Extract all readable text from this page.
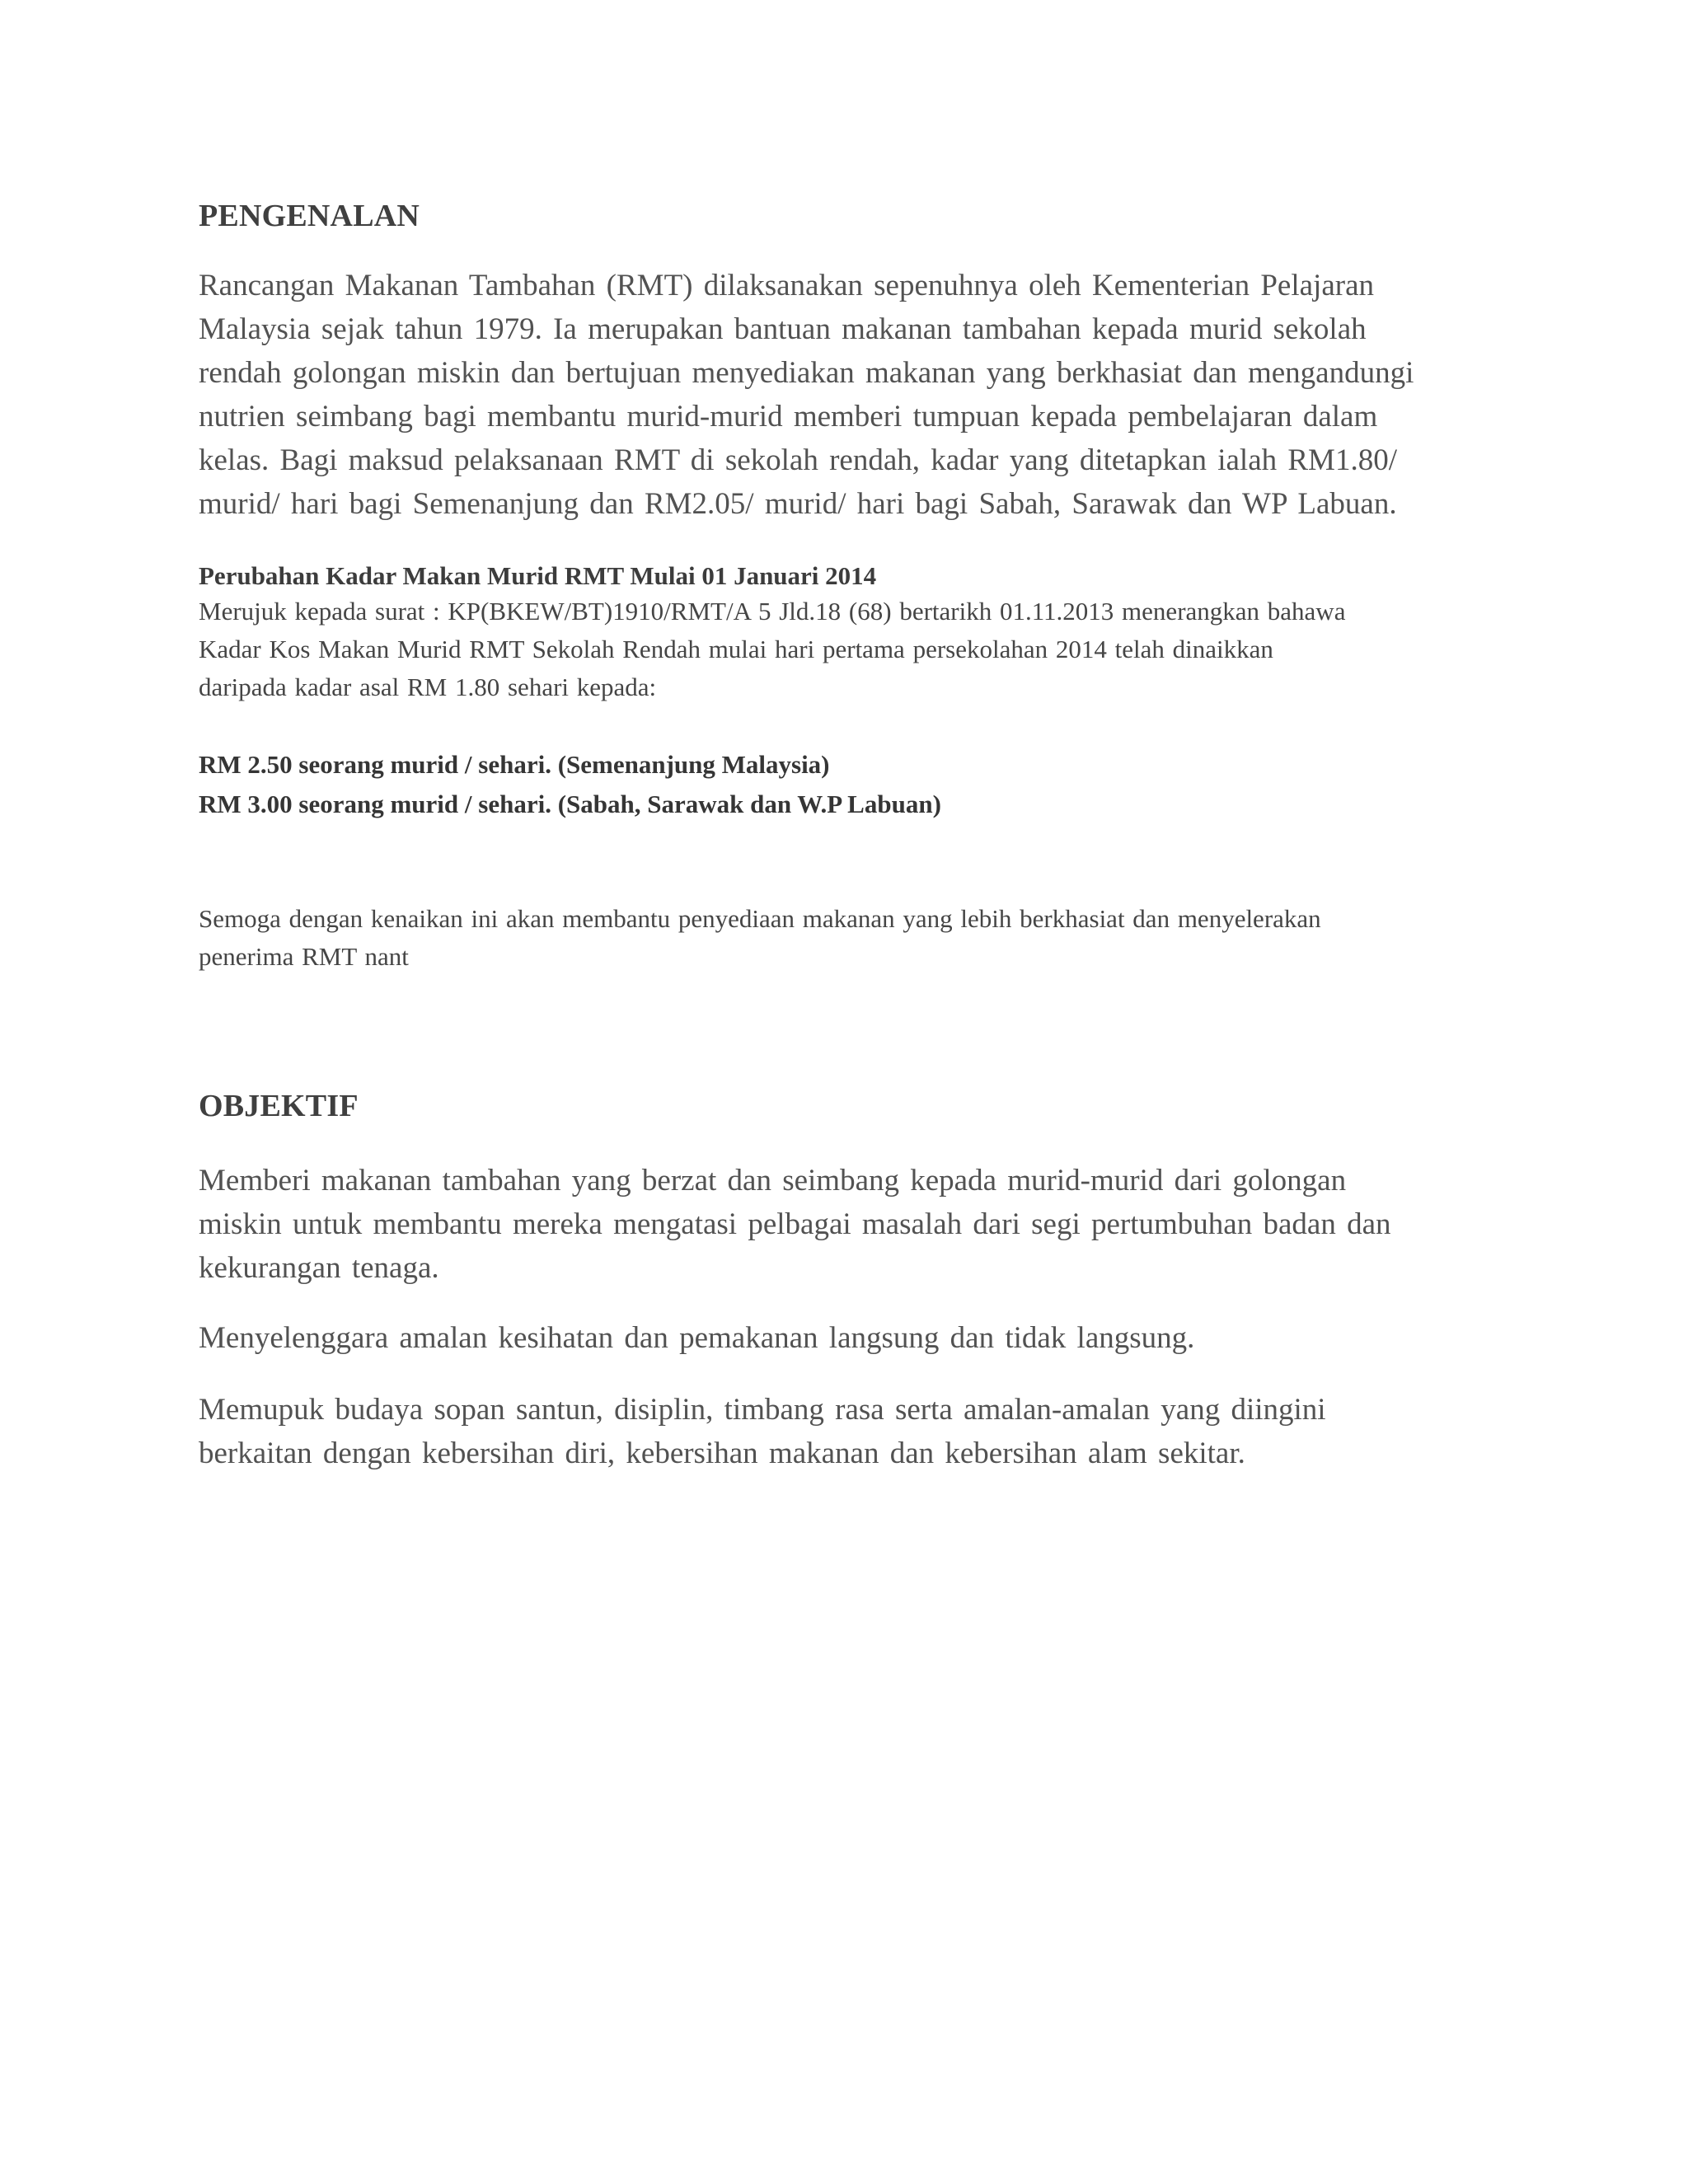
PENGENALAN

Rancangan Makanan Tambahan (RMT) dilaksanakan sepenuhnya oleh Kementerian Pelajaran
Malaysia sejak tahun 1979. Ia merupakan bantuan makanan tambahan kepada murid sekolah
rendah golongan miskin dan bertujuan menyediakan makanan yang berkhasiat dan mengandungi
nutrien seimbang bagi membantu murid-murid memberi tumpuan kepada pembelajaran dalam
kelas. Bagi maksud pelaksanaan RMT di sekolah rendah, kadar yang ditetapkan ialah RM1.80/
murid/ hari bagi Semenanjung dan RM2.05/ murid/ hari bagi Sabah, Sarawak dan WP Labuan.

Perubahan Kadar Makan Murid RMT Mulai 01 Januari 2014

Merujuk kepada surat : KP(BKEW/BT)1910/RMT/A 5 Jld.18 (68) bertarikh 01.11.2013 menerangkan bahawa
Kadar Kos Makan Murid RMT Sekolah Rendah mulai hari pertama persekolahan 2014 telah dinaikkan
daripada kadar asal RM 1.80 sehari kepada:

RM 2.50 seorang murid / sehari. (Semenanjung Malaysia)
RM 3.00 seorang murid / sehari. (Sabah, Sarawak dan W.P Labuan)

Semoga dengan kenaikan ini akan membantu penyediaan makanan yang lebih berkhasiat dan menyelerakan
penerima RMT nant

OBJEKTIF

Memberi makanan tambahan yang berzat dan seimbang kepada murid-murid dari golongan
miskin untuk membantu mereka mengatasi pelbagai masalah dari segi pertumbuhan badan dan
kekurangan tenaga.

Menyelenggara amalan kesihatan dan pemakanan langsung dan tidak langsung.

Memupuk budaya sopan santun, disiplin, timbang rasa serta amalan-amalan yang diingini
berkaitan dengan kebersihan diri, kebersihan makanan dan kebersihan alam sekitar.
